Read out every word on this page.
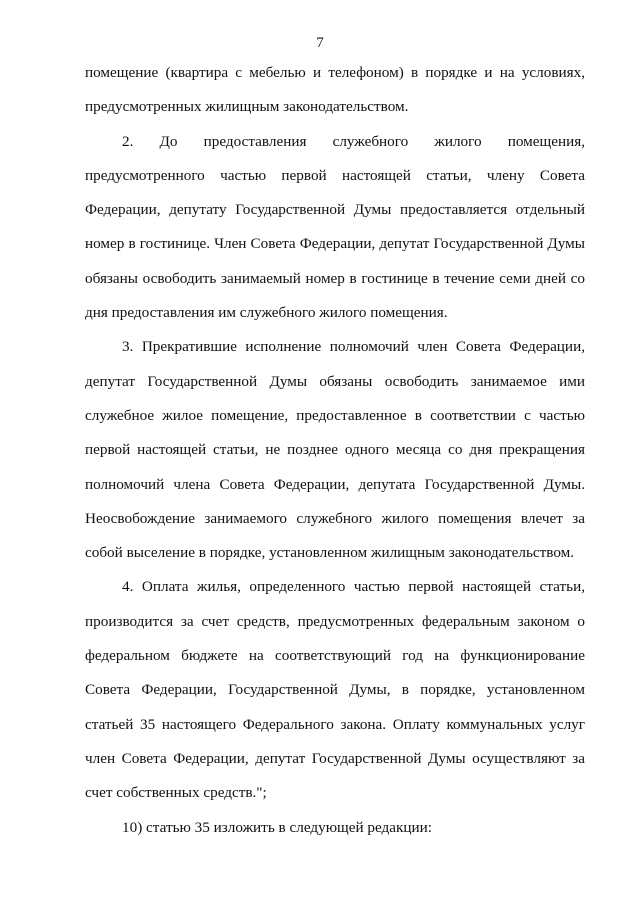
7
помещение (квартира с мебелью и телефоном) в порядке и на условиях,
предусмотренных жилищным законодательством.
2. До предоставления служебного жилого помещения,
предусмотренного частью первой настоящей статьи, члену Совета
Федерации, депутату Государственной Думы предоставляется отдельный
номер в гостинице. Член Совета Федерации, депутат Государственной Думы
обязаны освободить занимаемый номер в гостинице в течение семи дней со
дня предоставления им служебного жилого помещения.
3. Прекратившие исполнение полномочий член Совета Федерации,
депутат Государственной Думы обязаны освободить занимаемое ими
служебное жилое помещение, предоставленное в соответствии с частью
первой настоящей статьи, не позднее одного месяца со дня прекращения
полномочий члена Совета Федерации, депутата Государственной Думы.
Неосвобождение занимаемого служебного жилого помещения влечет за
собой выселение в порядке, установленном жилищным законодательством.
4. Оплата жилья, определенного частью первой настоящей статьи,
производится за счет средств, предусмотренных федеральным законом о
федеральном бюджете на соответствующий год на функционирование
Совета Федерации, Государственной Думы, в порядке, установленном
статьей 35 настоящего Федерального закона. Оплату коммунальных услуг
член Совета Федерации, депутат Государственной Думы осуществляют за
счет собственных средств.";
10) статью 35 изложить в следующей редакции:
